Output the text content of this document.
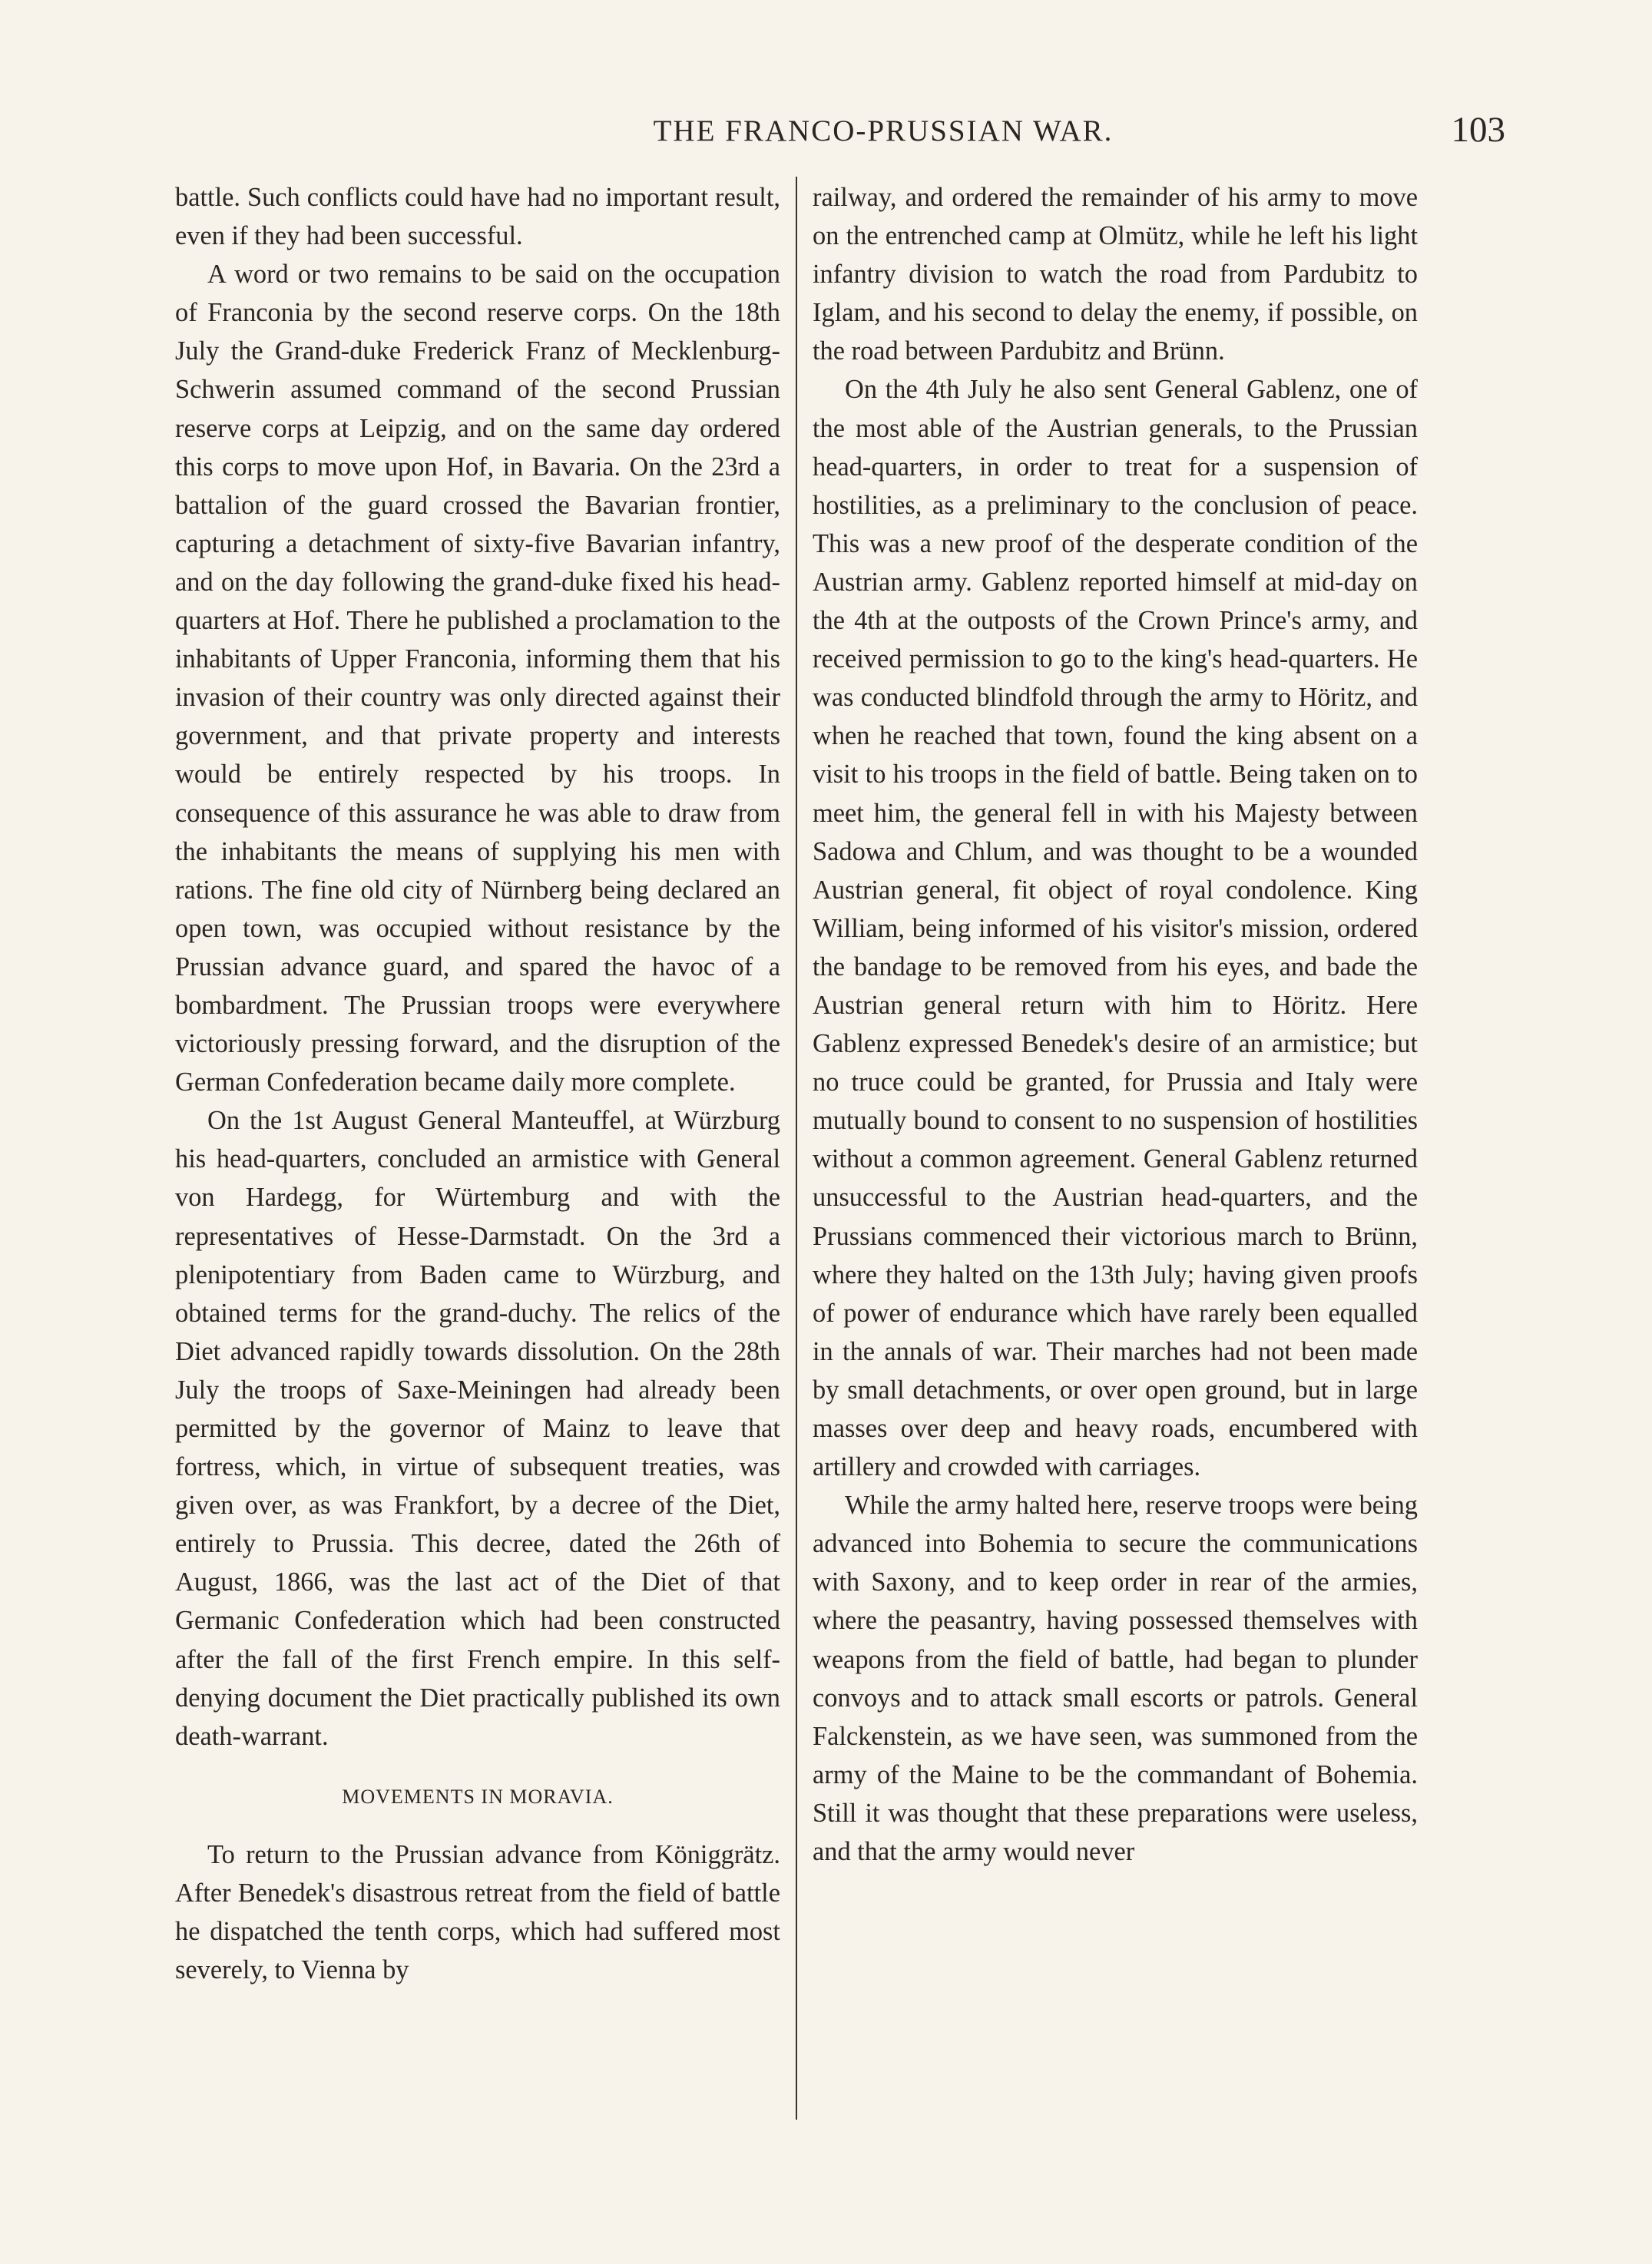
THE FRANCO-PRUSSIAN WAR.	103

battle. Such conflicts could have had no important result, even if they had been successful.

A word or two remains to be said on the occupation of Franconia by the second reserve corps. On the 18th July the Grand-duke Frederick Franz of Mecklenburg-Schwerin assumed command of the second Prussian reserve corps at Leipzig, and on the same day ordered this corps to move upon Hof, in Bavaria. On the 23rd a battalion of the guard crossed the Bavarian frontier, capturing a detachment of sixty-five Bavarian infantry, and on the day following the grand-duke fixed his head-quarters at Hof. There he published a proclamation to the inhabitants of Upper Franconia, informing them that his invasion of their country was only directed against their government, and that private property and interests would be entirely respected by his troops. In consequence of this assurance he was able to draw from the inhabitants the means of supplying his men with rations. The fine old city of Nürnberg being declared an open town, was occupied without resistance by the Prussian advance guard, and spared the havoc of a bombardment. The Prussian troops were everywhere victoriously pressing forward, and the disruption of the German Confederation became daily more complete.

On the 1st August General Manteuffel, at Würzburg his head-quarters, concluded an armistice with General von Hardegg, for Würtemburg and with the representatives of Hesse-Darmstadt. On the 3rd a plenipotentiary from Baden came to Würzburg, and obtained terms for the grand-duchy. The relics of the Diet advanced rapidly towards dissolution. On the 28th July the troops of Saxe-Meiningen had already been permitted by the governor of Mainz to leave that fortress, which, in virtue of subsequent treaties, was given over, as was Frankfort, by a decree of the Diet, entirely to Prussia. This decree, dated the 26th of August, 1866, was the last act of the Diet of that Germanic Confederation which had been constructed after the fall of the first French empire. In this self-denying document the Diet practically published its own death-warrant.

MOVEMENTS IN MORAVIA.

To return to the Prussian advance from Königgrätz. After Benedek's disastrous retreat from the field of battle he dispatched the tenth corps, which had suffered most severely, to Vienna by

railway, and ordered the remainder of his army to move on the entrenched camp at Olmütz, while he left his light infantry division to watch the road from Pardubitz to Iglam, and his second to delay the enemy, if possible, on the road between Pardubitz and Brünn.

On the 4th July he also sent General Gablenz, one of the most able of the Austrian generals, to the Prussian head-quarters, in order to treat for a suspension of hostilities, as a preliminary to the conclusion of peace. This was a new proof of the desperate condition of the Austrian army. Gablenz reported himself at mid-day on the 4th at the outposts of the Crown Prince's army, and received permission to go to the king's head-quarters. He was conducted blindfold through the army to Höritz, and when he reached that town, found the king absent on a visit to his troops in the field of battle. Being taken on to meet him, the general fell in with his Majesty between Sadowa and Chlum, and was thought to be a wounded Austrian general, fit object of royal condolence. King William, being informed of his visitor's mission, ordered the bandage to be removed from his eyes, and bade the Austrian general return with him to Höritz. Here Gablenz expressed Benedek's desire of an armistice; but no truce could be granted, for Prussia and Italy were mutually bound to consent to no suspension of hostilities without a common agreement. General Gablenz returned unsuccessful to the Austrian head-quarters, and the Prussians commenced their victorious march to Brünn, where they halted on the 13th July; having given proofs of power of endurance which have rarely been equalled in the annals of war. Their marches had not been made by small detachments, or over open ground, but in large masses over deep and heavy roads, encumbered with artillery and crowded with carriages.

While the army halted here, reserve troops were being advanced into Bohemia to secure the communications with Saxony, and to keep order in rear of the armies, where the peasantry, having possessed themselves with weapons from the field of battle, had began to plunder convoys and to attack small escorts or patrols. General Falckenstein, as we have seen, was summoned from the army of the Maine to be the commandant of Bohemia. Still it was thought that these preparations were useless, and that the army would never
